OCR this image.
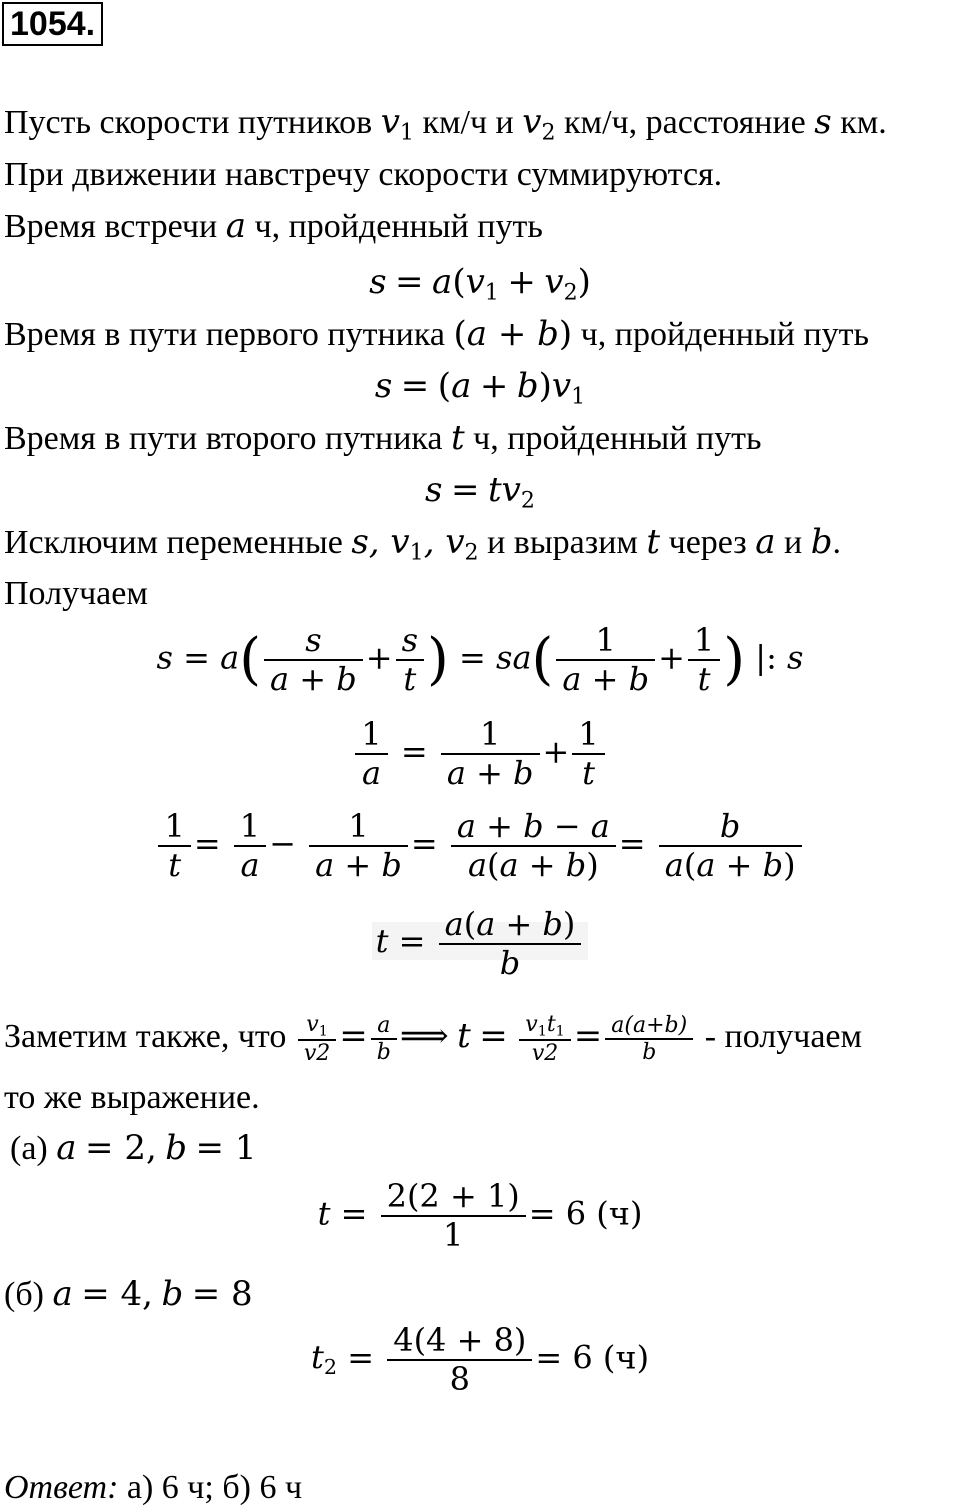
1054.
Пусть скорости путников $v_1$ км/ч и $v_2$ км/ч, расстояние s км.
При движении навстречу скорости суммируются.
Время встречи a ч, пройденный путь
$s = a(v_1 + v_2)$
Время в пути первого путника (a + b) ч, пройденный путь
$s = (a + b)v_1$
Время в пути второго путника t ч, пройденный путь
$s = tv_2$
Исключим переменные s, $v_1$, $v_2$ и выразим t через a и b.
Получаем
$s = a( \frac{s}{a + b} + \frac{s}{t}$ ) = $sa( \frac{1}{a + b} + \frac{1}{t}$ ) |: s
$\frac{1}{a} = \frac{1}{a + b} + \frac{1}{t}$
$\frac{1}{t} = \frac{1}{a} - \frac{1}{a + b} = \frac{a + b - a}{a(a + b)} = \frac{b}{a(a + b)}$
$t = \frac{a(a + b)}{b}$
Заметим также, что $\frac{v_1}{v2} = \frac{a}{b}$ ⟹ $t = \frac{v_1t_1}{v2} = \frac{a(a+b)}{b}$ - получаем
то же выражение.
(а) a = 2, b = 1
$t = \frac{2(2 + 1)}{1} = 6$ (ч)
(б) a = 4, b = 8
$t_2 = \frac{4(4 + 8)}{8} = 6$ (ч)
Ответ: а) 6 ч; б) 6 ч
